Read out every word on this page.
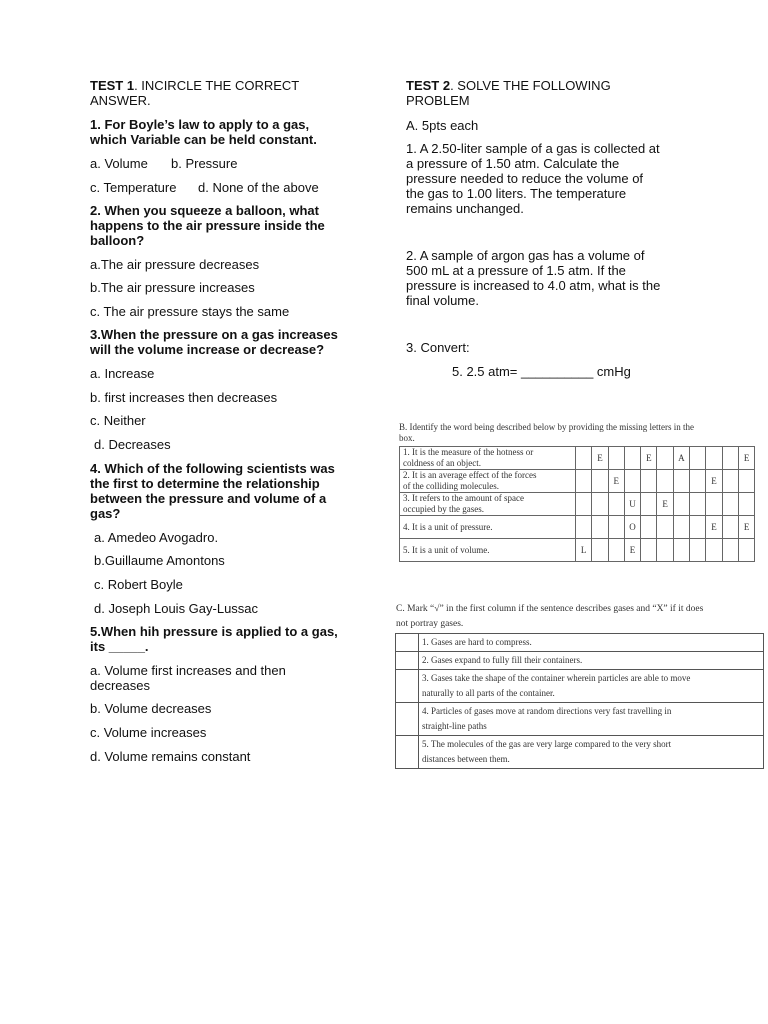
TEST 1. INCIRCLE THE CORRECT
ANSWER.
1. For Boyle’s law to apply to a gas,
which Variable can be held constant.
a. Volume b. Pressure
c. Temperature d. None of the above
2. When you squeeze a balloon, what
happens to the air pressure inside the
balloon?
a.The air pressure decreases
b.The air pressure increases
c. The air pressure stays the same
3.When the pressure on a gas increases
will the volume increase or decrease?
a. Increase
b. first increases then decreases
c. Neither
d. Decreases
4. Which of the following scientists was
the first to determine the relationship
between the pressure and volume of a
gas?
a. Amedeo Avogadro.
b.Guillaume Amontons
c. Robert Boyle
d. Joseph Louis Gay-Lussac
5.When hih pressure is applied to a gas,
its _____.
a. Volume first increases and then
decreases
b. Volume decreases
c. Volume increases
d. Volume remains constant
TEST 2. SOLVE THE FOLLOWING
PROBLEM
A. 5pts each
1. A 2.50-liter sample of a gas is collected at
a pressure of 1.50 atm. Calculate the
pressure needed to reduce the volume of
the gas to 1.00 liters. The temperature
remains unchanged.
2. A sample of argon gas has a volume of
500 mL at a pressure of 1.5 atm. If the
pressure is increased to 4.0 atm, what is the
final volume.
3. Convert:
5. 2.5 atm= __________ cmHg
B. Identify the word being described below by providing the missing letters in the
box.
1. It is the measure of the hotness or
coldness of an object.		E			E		A				E
2. It is an average effect of the forces
of the colliding molecules.			E						E		
3. It refers to the amount of space
occupied by the gases.				U		E					
4. It is a unit of pressure.				O					E		E
5. It is a unit of volume.	L			E							
C. Mark “√” in the first column if the sentence describes gases and “X” if it does
not portray gases.
	1. Gases are hard to compress.
	2. Gases expand to fully fill their containers.
	3. Gases take the shape of the container wherein particles are able to move
naturally to all parts of the container.
	4. Particles of gases move at random directions very fast travelling in
straight-line paths
	5. The molecules of the gas are very large compared to the very short
distances between them.
